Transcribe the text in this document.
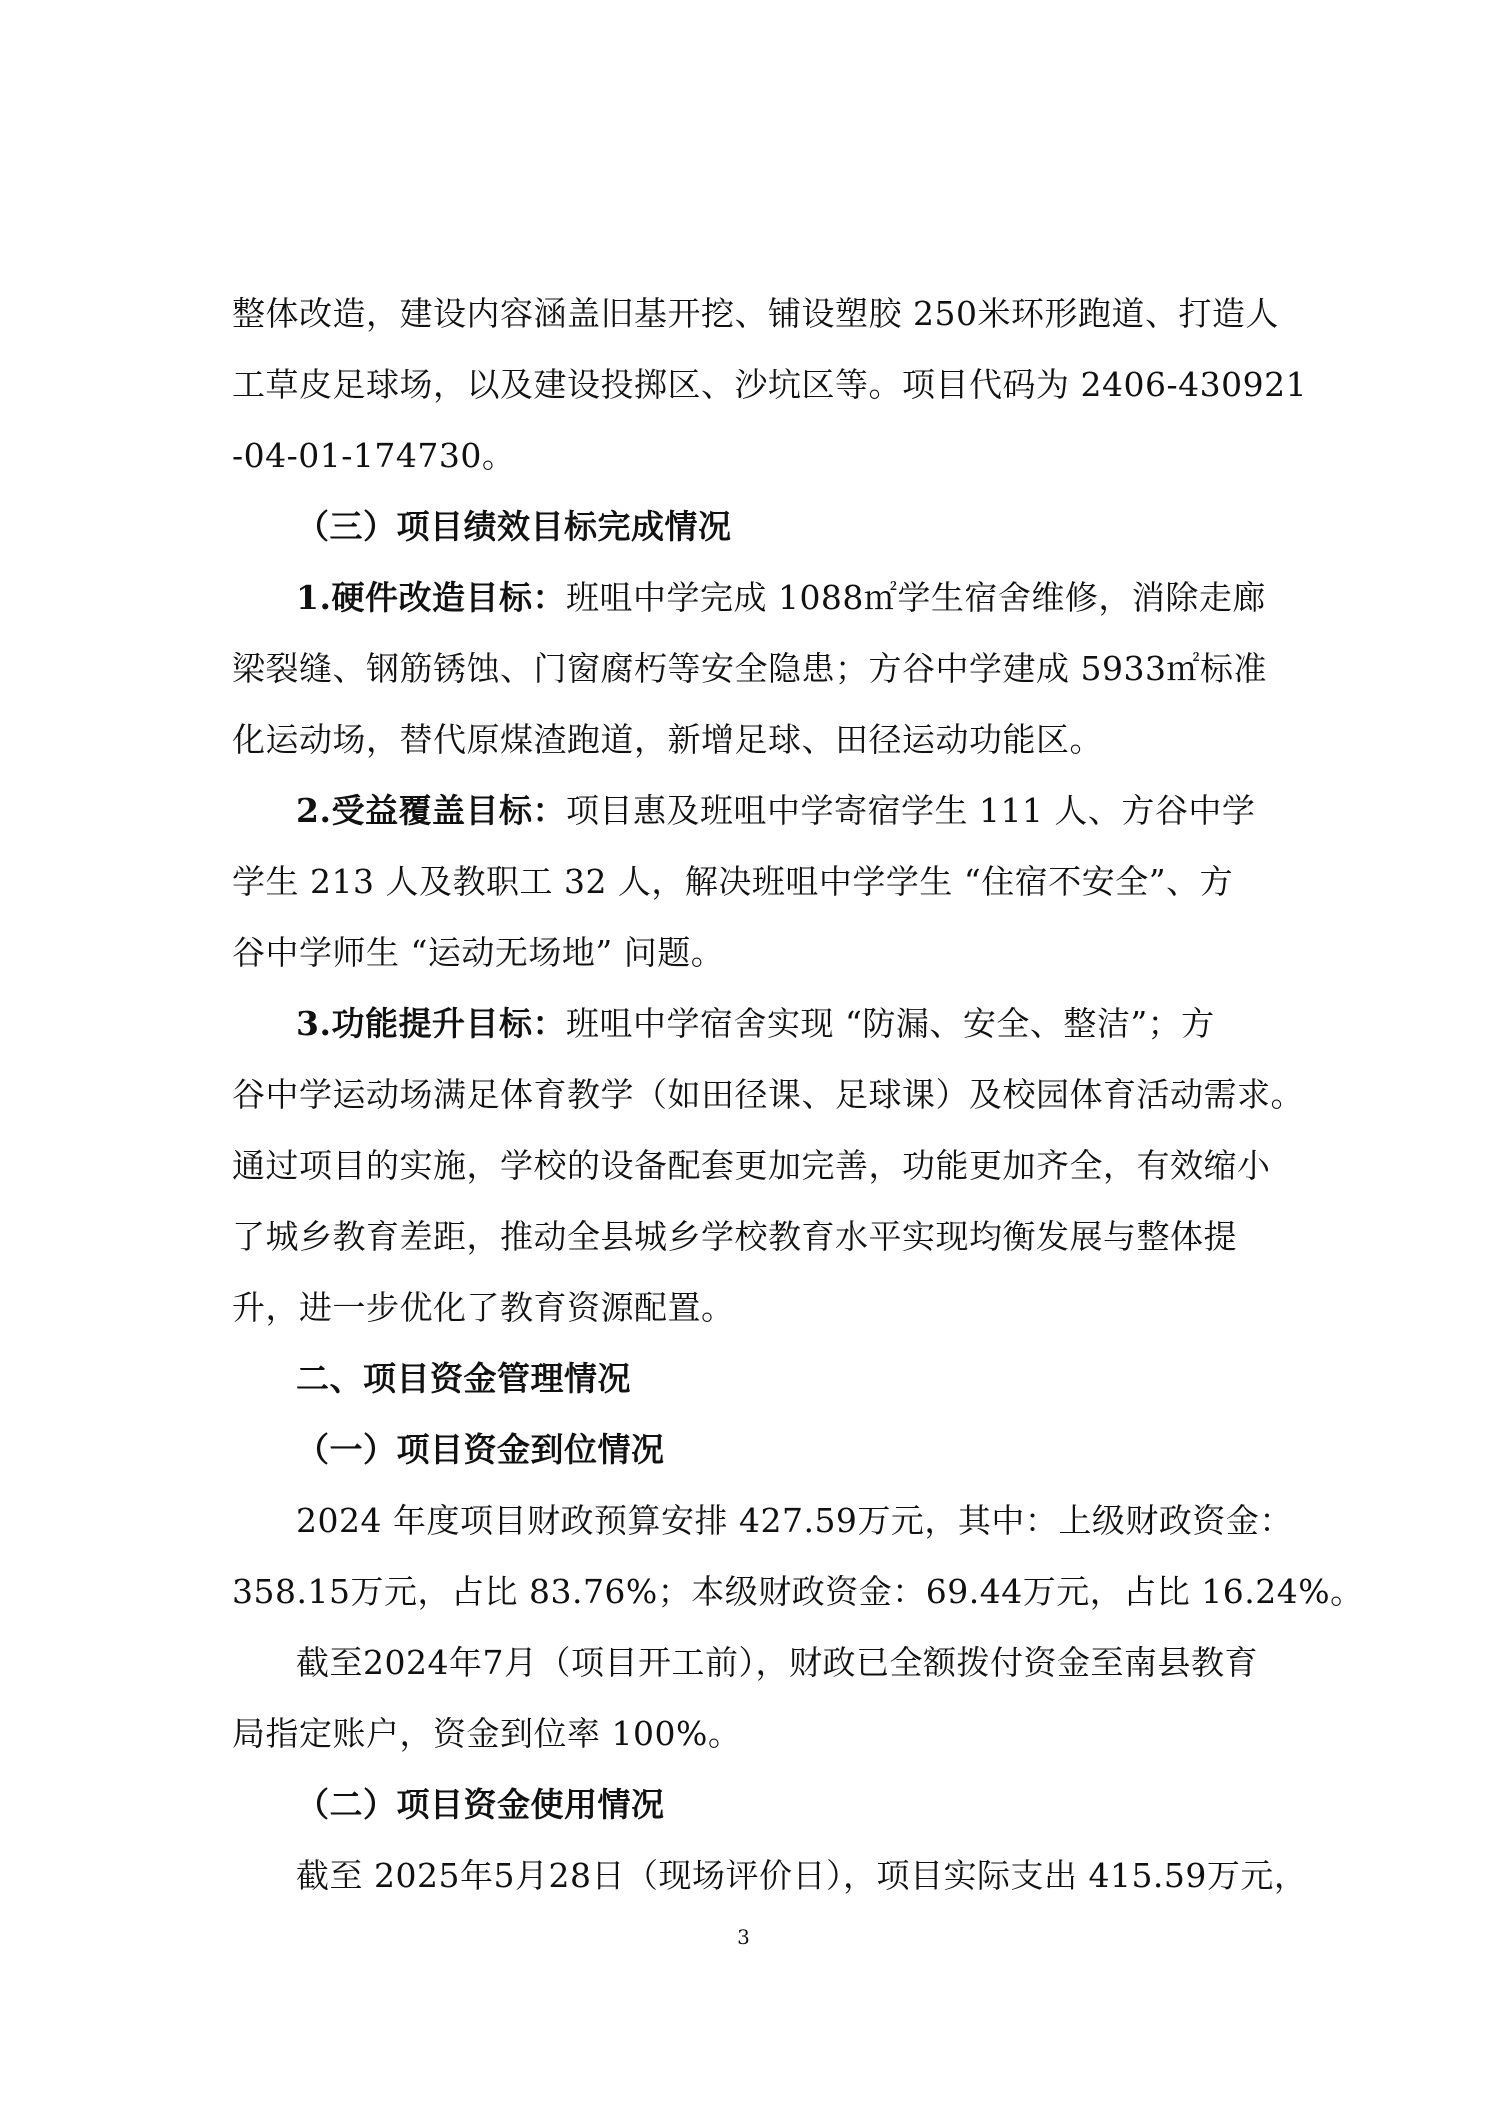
整体改造，建设内容涵盖旧基开挖、铺设塑胶 250米环形跑道、打造人
工草皮足球场，以及建设投掷区、沙坑区等。项目代码为 2406-430921
-04-01-174730。
（三）项目绩效目标完成情况
1.硬件改造目标：班咀中学完成 1088㎡学生宿舍维修，消除走廊
梁裂缝、钢筋锈蚀、门窗腐朽等安全隐患；方谷中学建成 5933㎡标准
化运动场，替代原煤渣跑道，新增足球、田径运动功能区。
2.受益覆盖目标：项目惠及班咀中学寄宿学生 111 人、方谷中学
学生 213 人及教职工 32 人，解决班咀中学学生 “住宿不安全”、方
谷中学师生 “运动无场地” 问题。
3.功能提升目标：班咀中学宿舍实现 “防漏、安全、整洁”；方
谷中学运动场满足体育教学（如田径课、足球课）及校园体育活动需求。
通过项目的实施，学校的设备配套更加完善，功能更加齐全，有效缩小
了城乡教育差距，推动全县城乡学校教育水平实现均衡发展与整体提
升，进一步优化了教育资源配置。
二、项目资金管理情况
（一）项目资金到位情况
2024 年度项目财政预算安排 427.59万元，其中：上级财政资金：
358.15万元，占比 83.76%；本级财政资金：69.44万元，占比 16.24%。
截至2024年7月（项目开工前），财政已全额拨付资金至南县教育
局指定账户，资金到位率 100%。
（二）项目资金使用情况
截至 2025年5月28日（现场评价日），项目实际支出 415.59万元，
3
